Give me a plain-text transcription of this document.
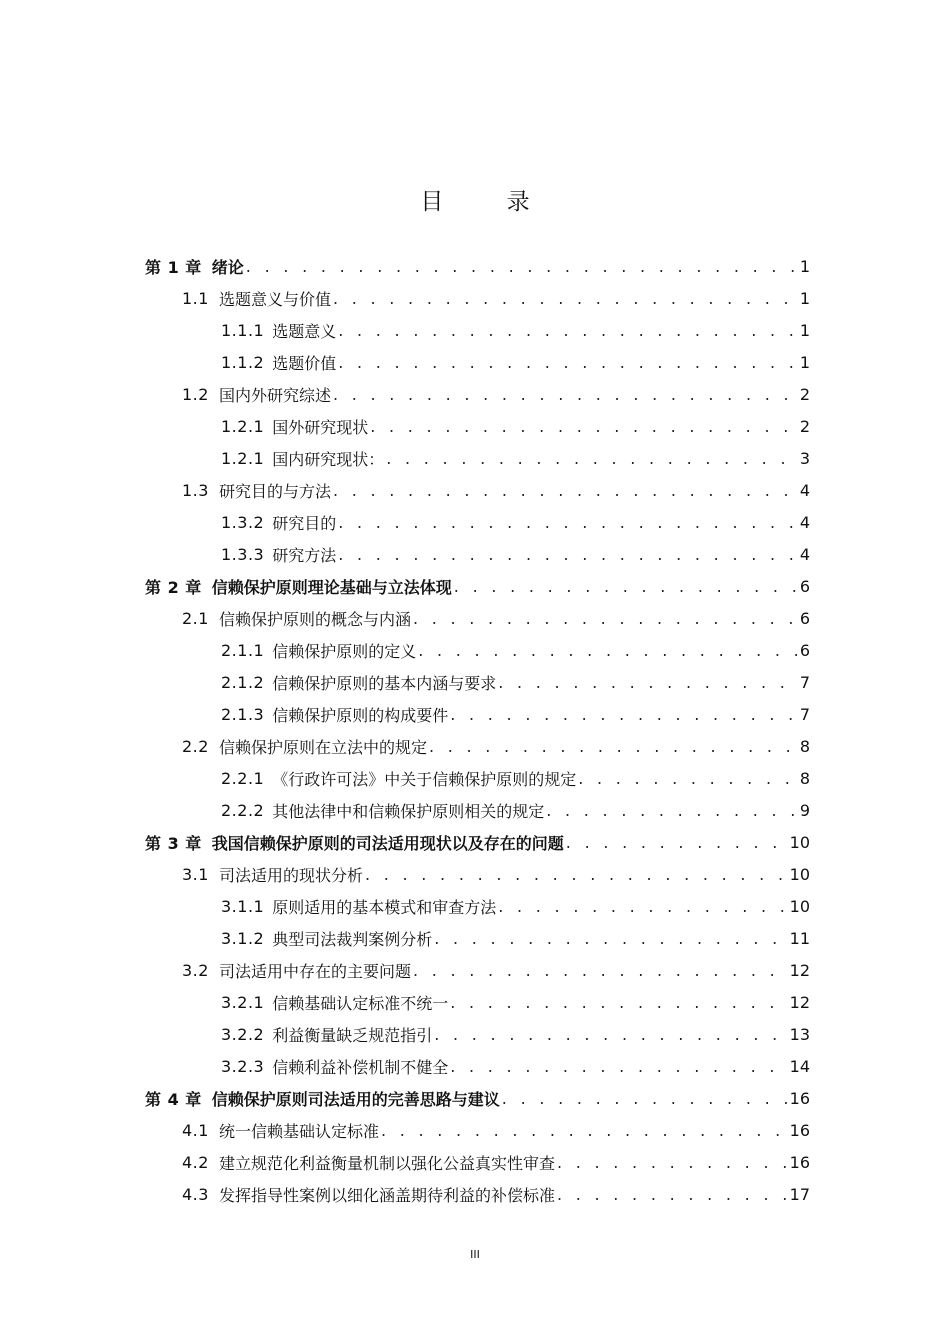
目 录
第 1 章 绪论 . . .	1
1.1 选题意义与价值 . . .	1
1.1.1 选题意义 . . .	1
1.1.2 选题价值 . . .	1
1.2 国内外研究综述 . . .	2
1.2.1 国外研究现状 . . .	2
1.2.1 国内研究现状： . . .	3
1.3 研究目的与方法 . . .	4
1.3.2 研究目的 . . .	4
1.3.3 研究方法 . . .	4
第 2 章 信赖保护原则理论基础与立法体现 . . .	6
2.1 信赖保护原则的概念与内涵 . . .	6
2.1.1 信赖保护原则的定义 . . .	6
2.1.2 信赖保护原则的基本内涵与要求 . . .	7
2.1.3 信赖保护原则的构成要件 . . .	7
2.2 信赖保护原则在立法中的规定 . . .	8
2.2.1 《行政许可法》中关于信赖保护原则的规定 . . .	8
2.2.2 其他法律中和信赖保护原则相关的规定 . . .	9
第 3 章 我国信赖保护原则的司法适用现状以及存在的问题 . . .	10
3.1 司法适用的现状分析 . . .	10
3.1.1 原则适用的基本模式和审查方法 . . .	10
3.1.2 典型司法裁判案例分析 . . .	11
3.2 司法适用中存在的主要问题 . . .	12
3.2.1 信赖基础认定标准不统一 . . .	12
3.2.2 利益衡量缺乏规范指引 . . .	13
3.2.3 信赖利益补偿机制不健全 . . .	14
第 4 章 信赖保护原则司法适用的完善思路与建议 . . .	16
4.1 统一信赖基础认定标准 . . .	16
4.2 建立规范化利益衡量机制以强化公益真实性审查 . . .	16
4.3 发挥指导性案例以细化涵盖期待利益的补偿标准 . . .	17
III
